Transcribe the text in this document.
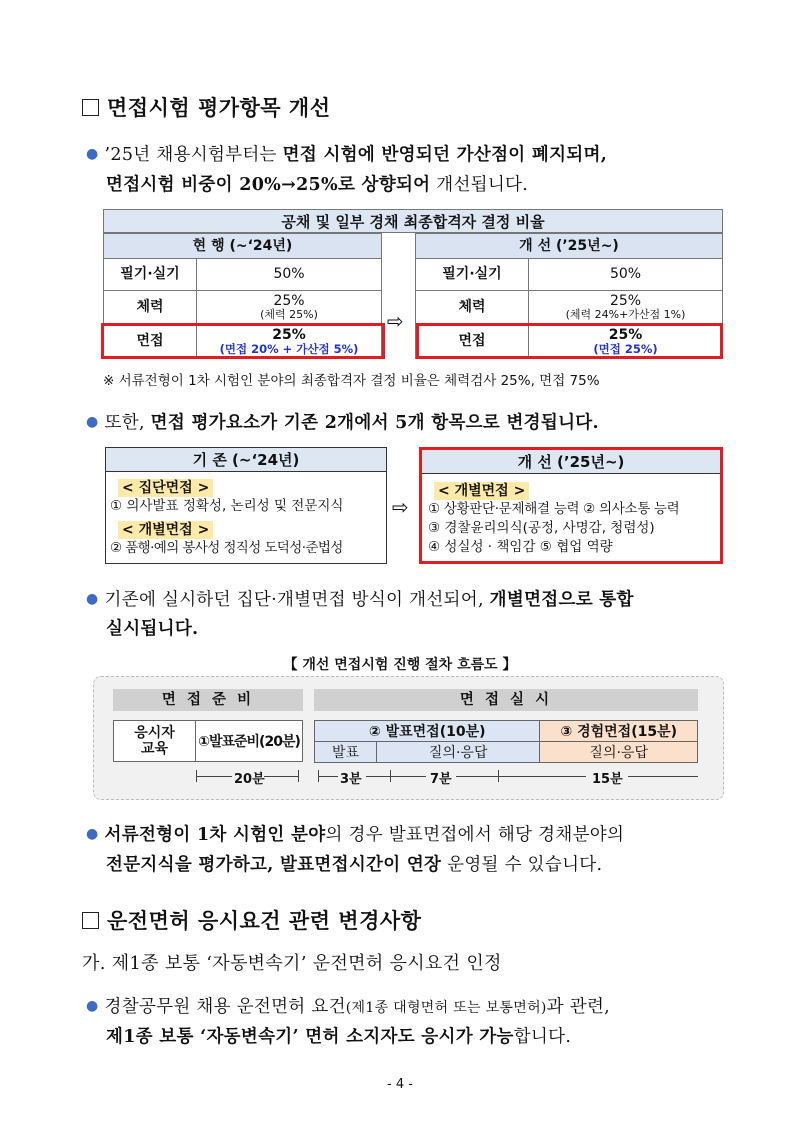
면접시험 평가항목 개선
● ’25년 채용시험부터는 면접 시험에 반영되던 가산점이 폐지되며,
면접시험 비중이 20%→25%로 상향되어 개선됩니다.
공채 및 일부 경채 최종합격자 결정 비율
현 행 (~‘24년)	
필기·실기	50%
체력	25%
(체력 25%)

면접	25%
(면접 20% + 가산점 5%)
⇨
개 선 (’25년~)	
필기·실기	50%
체력	25%
(체력 24%+가산점 1%)

면접	25%
(면접 25%)
※ 서류전형이 1차 시험인 분야의 최종합격자 결정 비율은 체력검사 25%, 면접 75%
● 또한, 면접 평가요소가 기존 2개에서 5개 항목으로 변경됩니다.
기 존 (~‘24년)
< 집단면접 >
① 의사발표 정확성, 논리성 및 전문지식
< 개별면접 >
② 품행·예의 봉사성 정직성 도덕성·준법성
⇨
개 선 (’25년~)
< 개별면접 >
① 상황판단·문제해결 능력 ② 의사소통 능력
③ 경찰윤리의식(공정, 사명감, 청렴성)
④ 성실성 · 책임감 ⑤ 협업 역량
● 기존에 실시하던 집단·개별면접 방식이 개선되어, 개별면접으로 통합
실시됩니다.
【 개선 면접시험 진행 절차 흐름도 】
면 접 준 비	면 접 실 시
응시자 교육	①발표준비(20분)
② 발표면접(10분)		③ 경험면접(15분)
발표	질의·응답	질의·응답
20분	3분	7분	15분
● 서류전형이 1차 시험인 분야의 경우 발표면접에서 해당 경채분야의
전문지식을 평가하고, 발표면접시간이 연장 운영될 수 있습니다.
운전면허 응시요건 관련 변경사항
가. 제1종 보통 ‘자동변속기’ 운전면허 응시요건 인정
● 경찰공무원 채용 운전면허 요건(제1종 대형면허 또는 보통면허)과 관련,
제1종 보통 ‘자동변속기’ 면허 소지자도 응시가 가능합니다.
- 4 -
